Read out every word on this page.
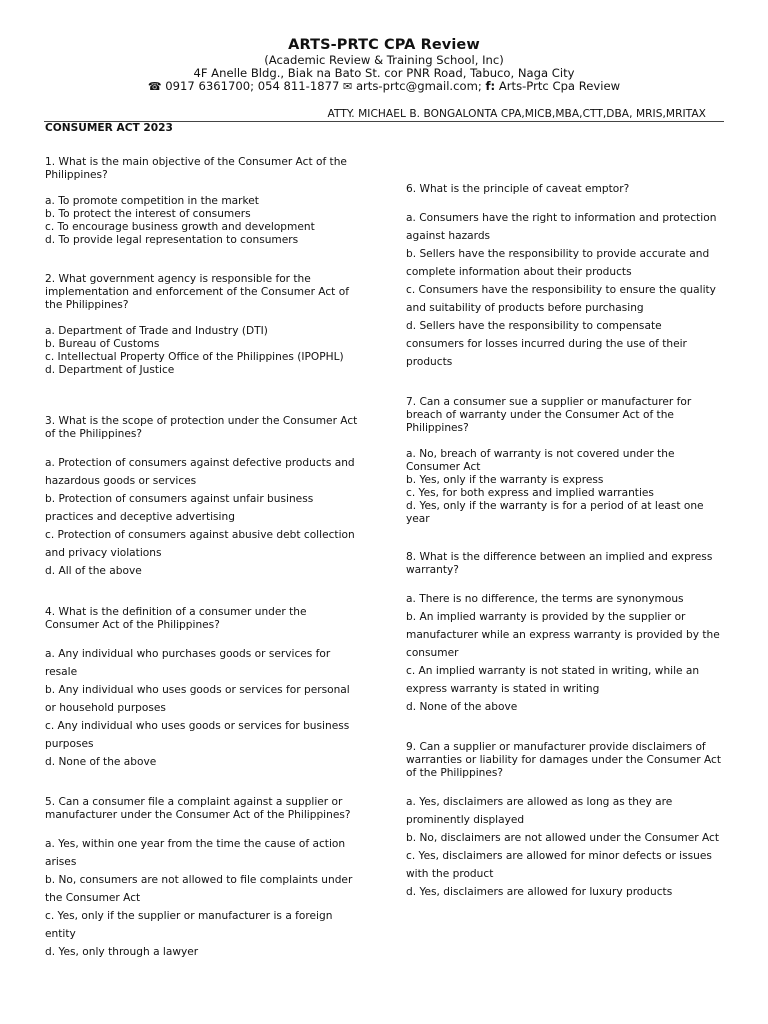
ARTS-PRTC CPA Review
(Academic Review & Training School, Inc)
4F Anelle Bldg., Biak na Bato St. cor PNR Road, Tabuco, Naga City
☎ 0917 6361700; 054 811-1877 ✉ arts-prtc@gmail.com; f: Arts-Prtc Cpa Review
ATTY. MICHAEL B. BONGALONTA CPA,MICB,MBA,CTT,DBA, MRIS,MRITAX
CONSUMER ACT 2023
1. What is the main objective of the Consumer Act of the Philippines?
a. To promote competition in the market
b. To protect the interest of consumers
c. To encourage business growth and development
d. To provide legal representation to consumers
2. What government agency is responsible for the implementation and enforcement of the Consumer Act of the Philippines?
a. Department of Trade and Industry (DTI)
b. Bureau of Customs
c. Intellectual Property Office of the Philippines (IPOPHL)
d. Department of Justice
3. What is the scope of protection under the Consumer Act of the Philippines?
a. Protection of consumers against defective products and hazardous goods or services
b. Protection of consumers against unfair business practices and deceptive advertising
c. Protection of consumers against abusive debt collection and privacy violations
d. All of the above
4. What is the definition of a consumer under the Consumer Act of the Philippines?
a. Any individual who purchases goods or services for resale
b. Any individual who uses goods or services for personal or household purposes
c. Any individual who uses goods or services for business purposes
d. None of the above
5. Can a consumer file a complaint against a supplier or manufacturer under the Consumer Act of the Philippines?
a. Yes, within one year from the time the cause of action arises
b. No, consumers are not allowed to file complaints under the Consumer Act
c. Yes, only if the supplier or manufacturer is a foreign entity
d. Yes, only through a lawyer
6. What is the principle of caveat emptor?
a. Consumers have the right to information and protection against hazards
b. Sellers have the responsibility to provide accurate and complete information about their products
c. Consumers have the responsibility to ensure the quality and suitability of products before purchasing
d. Sellers have the responsibility to compensate consumers for losses incurred during the use of their products
7. Can a consumer sue a supplier or manufacturer for breach of warranty under the Consumer Act of the Philippines?
a. No, breach of warranty is not covered under the Consumer Act
b. Yes, only if the warranty is express
c. Yes, for both express and implied warranties
d. Yes, only if the warranty is for a period of at least one year
8. What is the difference between an implied and express warranty?
a. There is no difference, the terms are synonymous
b. An implied warranty is provided by the supplier or manufacturer while an express warranty is provided by the consumer
c. An implied warranty is not stated in writing, while an express warranty is stated in writing
d. None of the above
9. Can a supplier or manufacturer provide disclaimers of warranties or liability for damages under the Consumer Act of the Philippines?
a. Yes, disclaimers are allowed as long as they are prominently displayed
b. No, disclaimers are not allowed under the Consumer Act
c. Yes, disclaimers are allowed for minor defects or issues with the product
d. Yes, disclaimers are allowed for luxury products
